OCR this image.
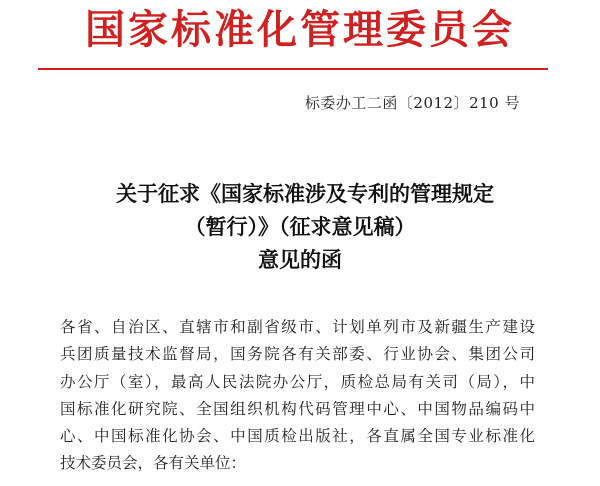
国家标准化管理委员会
标委办工二函〔2012〕210 号
关于征求《国家标准涉及专利的管理规定
（暂行）》（征求意见稿）
意见的函
各省、自治区、直辖市和副省级市、计划单列市及新疆生产建设
兵团质量技术监督局，国务院各有关部委、行业协会、集团公司
办公厅（室），最高人民法院办公厅，质检总局有关司（局），中
国标准化研究院、全国组织机构代码管理中心、中国物品编码中
心、中国标准化协会、中国质检出版社，各直属全国专业标准化
技术委员会，各有关单位：
